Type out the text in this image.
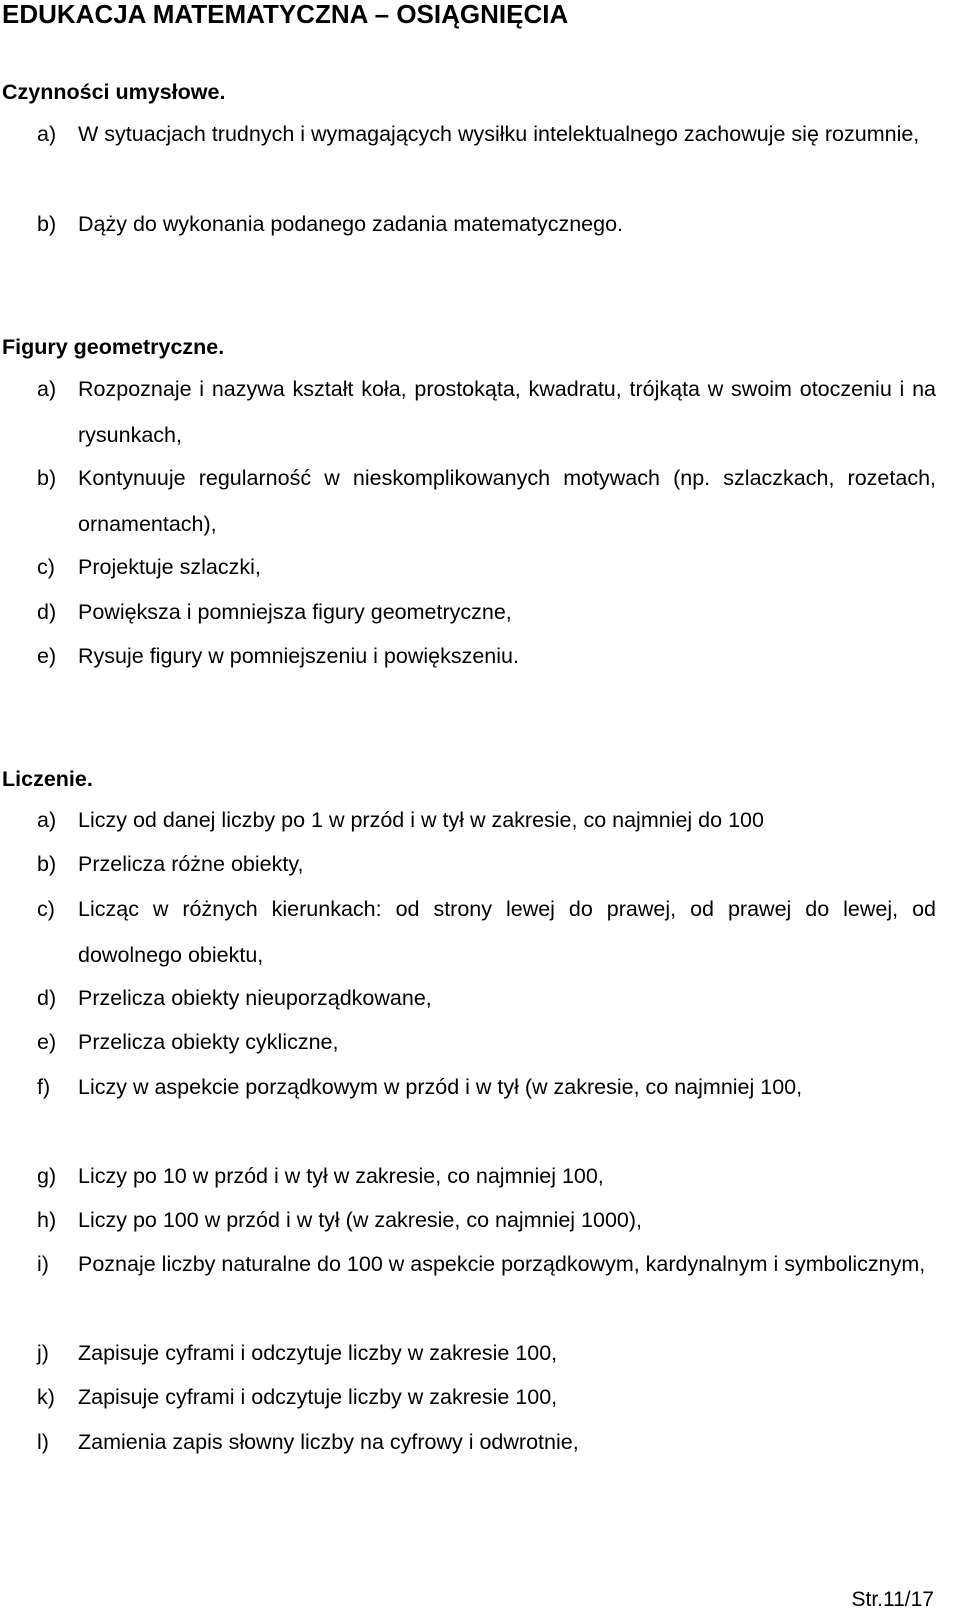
EDUKACJA MATEMATYCZNA – OSIĄGNIĘCIA
Czynności umysłowe.
a) W sytuacjach trudnych i wymagających wysiłku intelektualnego zachowuje się rozumnie,
b) Dąży do wykonania podanego zadania matematycznego.
Figury geometryczne.
a) Rozpoznaje i nazywa kształt koła, prostokąta, kwadratu, trójkąta w swoim otoczeniu i na rysunkach,
b) Kontynuuje regularność w nieskomplikowanych motywach (np. szlaczkach, rozetach, ornamentach),
c) Projektuje szlaczki,
d) Powiększa i pomniejsza figury geometryczne,
e) Rysuje figury w pomniejszeniu i powiększeniu.
Liczenie.
a) Liczy od danej liczby po 1 w przód i w tył w zakresie, co najmniej do 100
b) Przelicza różne obiekty,
c) Licząc w różnych kierunkach: od strony lewej do prawej, od prawej do lewej, od dowolnego obiektu,
d) Przelicza obiekty nieuporządkowane,
e) Przelicza obiekty cykliczne,
f) Liczy w aspekcie porządkowym w przód i w tył (w zakresie, co najmniej 100,
g) Liczy po 10 w przód i w tył w zakresie, co najmniej 100,
h) Liczy po 100 w przód i w tył (w zakresie, co najmniej 1000),
i) Poznaje liczby naturalne do 100 w aspekcie porządkowym, kardynalnym i symbolicznym,
j) Zapisuje cyframi i odczytuje liczby w zakresie 100,
k) Zapisuje cyframi i odczytuje liczby w zakresie 100,
l) Zamienia zapis słowny liczby na cyfrowy i odwrotnie,
Str.11/17
